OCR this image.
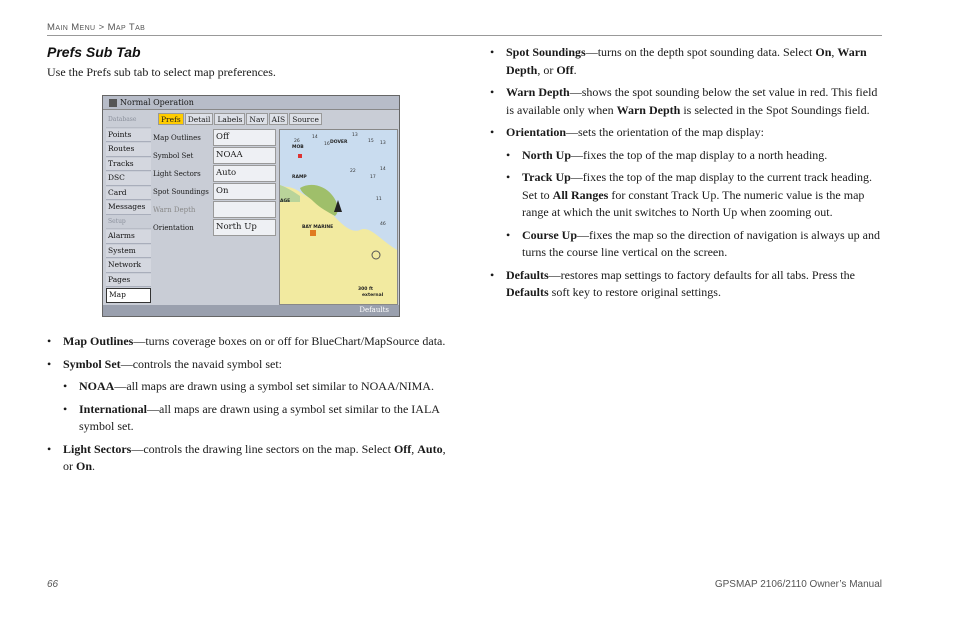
Main Menu > Map Tab
Prefs Sub Tab

Use the Prefs sub tab to select map preferences.

• Map Outlines—turns coverage boxes on or off for BlueChart/MapSource data.
• Symbol Set—controls the navaid symbol set:
• NOAA—all maps are drawn using a symbol set similar to NOAA/NIMA.
• International—all maps are drawn using a symbol set similar to the IALA symbol set.
• Light Sectors—controls the drawing line sectors on the map. Select Off, Auto, or On.
Normal Operation
Database
Points
Routes
Tracks
DSC
Card
Messages
Setup
Alarms
System
Network
Pages
Map
Prefs Detail Labels Nav AIS Source
Map Outlines	Off
Symbol Set	NOAA
Light Sectors	Auto
Spot Soundings On
Warn Depth
Orientation	North Up
26
14	13
16
15 13
14
17
22
11
46
MOB
DOVER
RAMP
AGE
BAY MARINE
300 ft
external
Defaults
• Spot Soundings—turns on the depth spot sounding data. Select On, Warn Depth, or Off.
• Warn Depth—shows the spot sounding below the set value in red. This field is available only when Warn Depth is selected in the Spot Soundings field.
• Orientation—sets the orientation of the map display:
• North Up—fixes the top of the map display to a north heading.
• Track Up—fixes the top of the map display to the current track heading. Set to All Ranges for constant Track Up. The numeric value is the map range at which the unit switches to North Up when zooming out.
• Course Up—fixes the map so the direction of navigation is always up and turns the course line vertical on the screen.
• Defaults—restores map settings to factory defaults for all tabs. Press the Defaults soft key to restore original settings.
66	GPSMAP 2106/2110 Owner’s Manual
